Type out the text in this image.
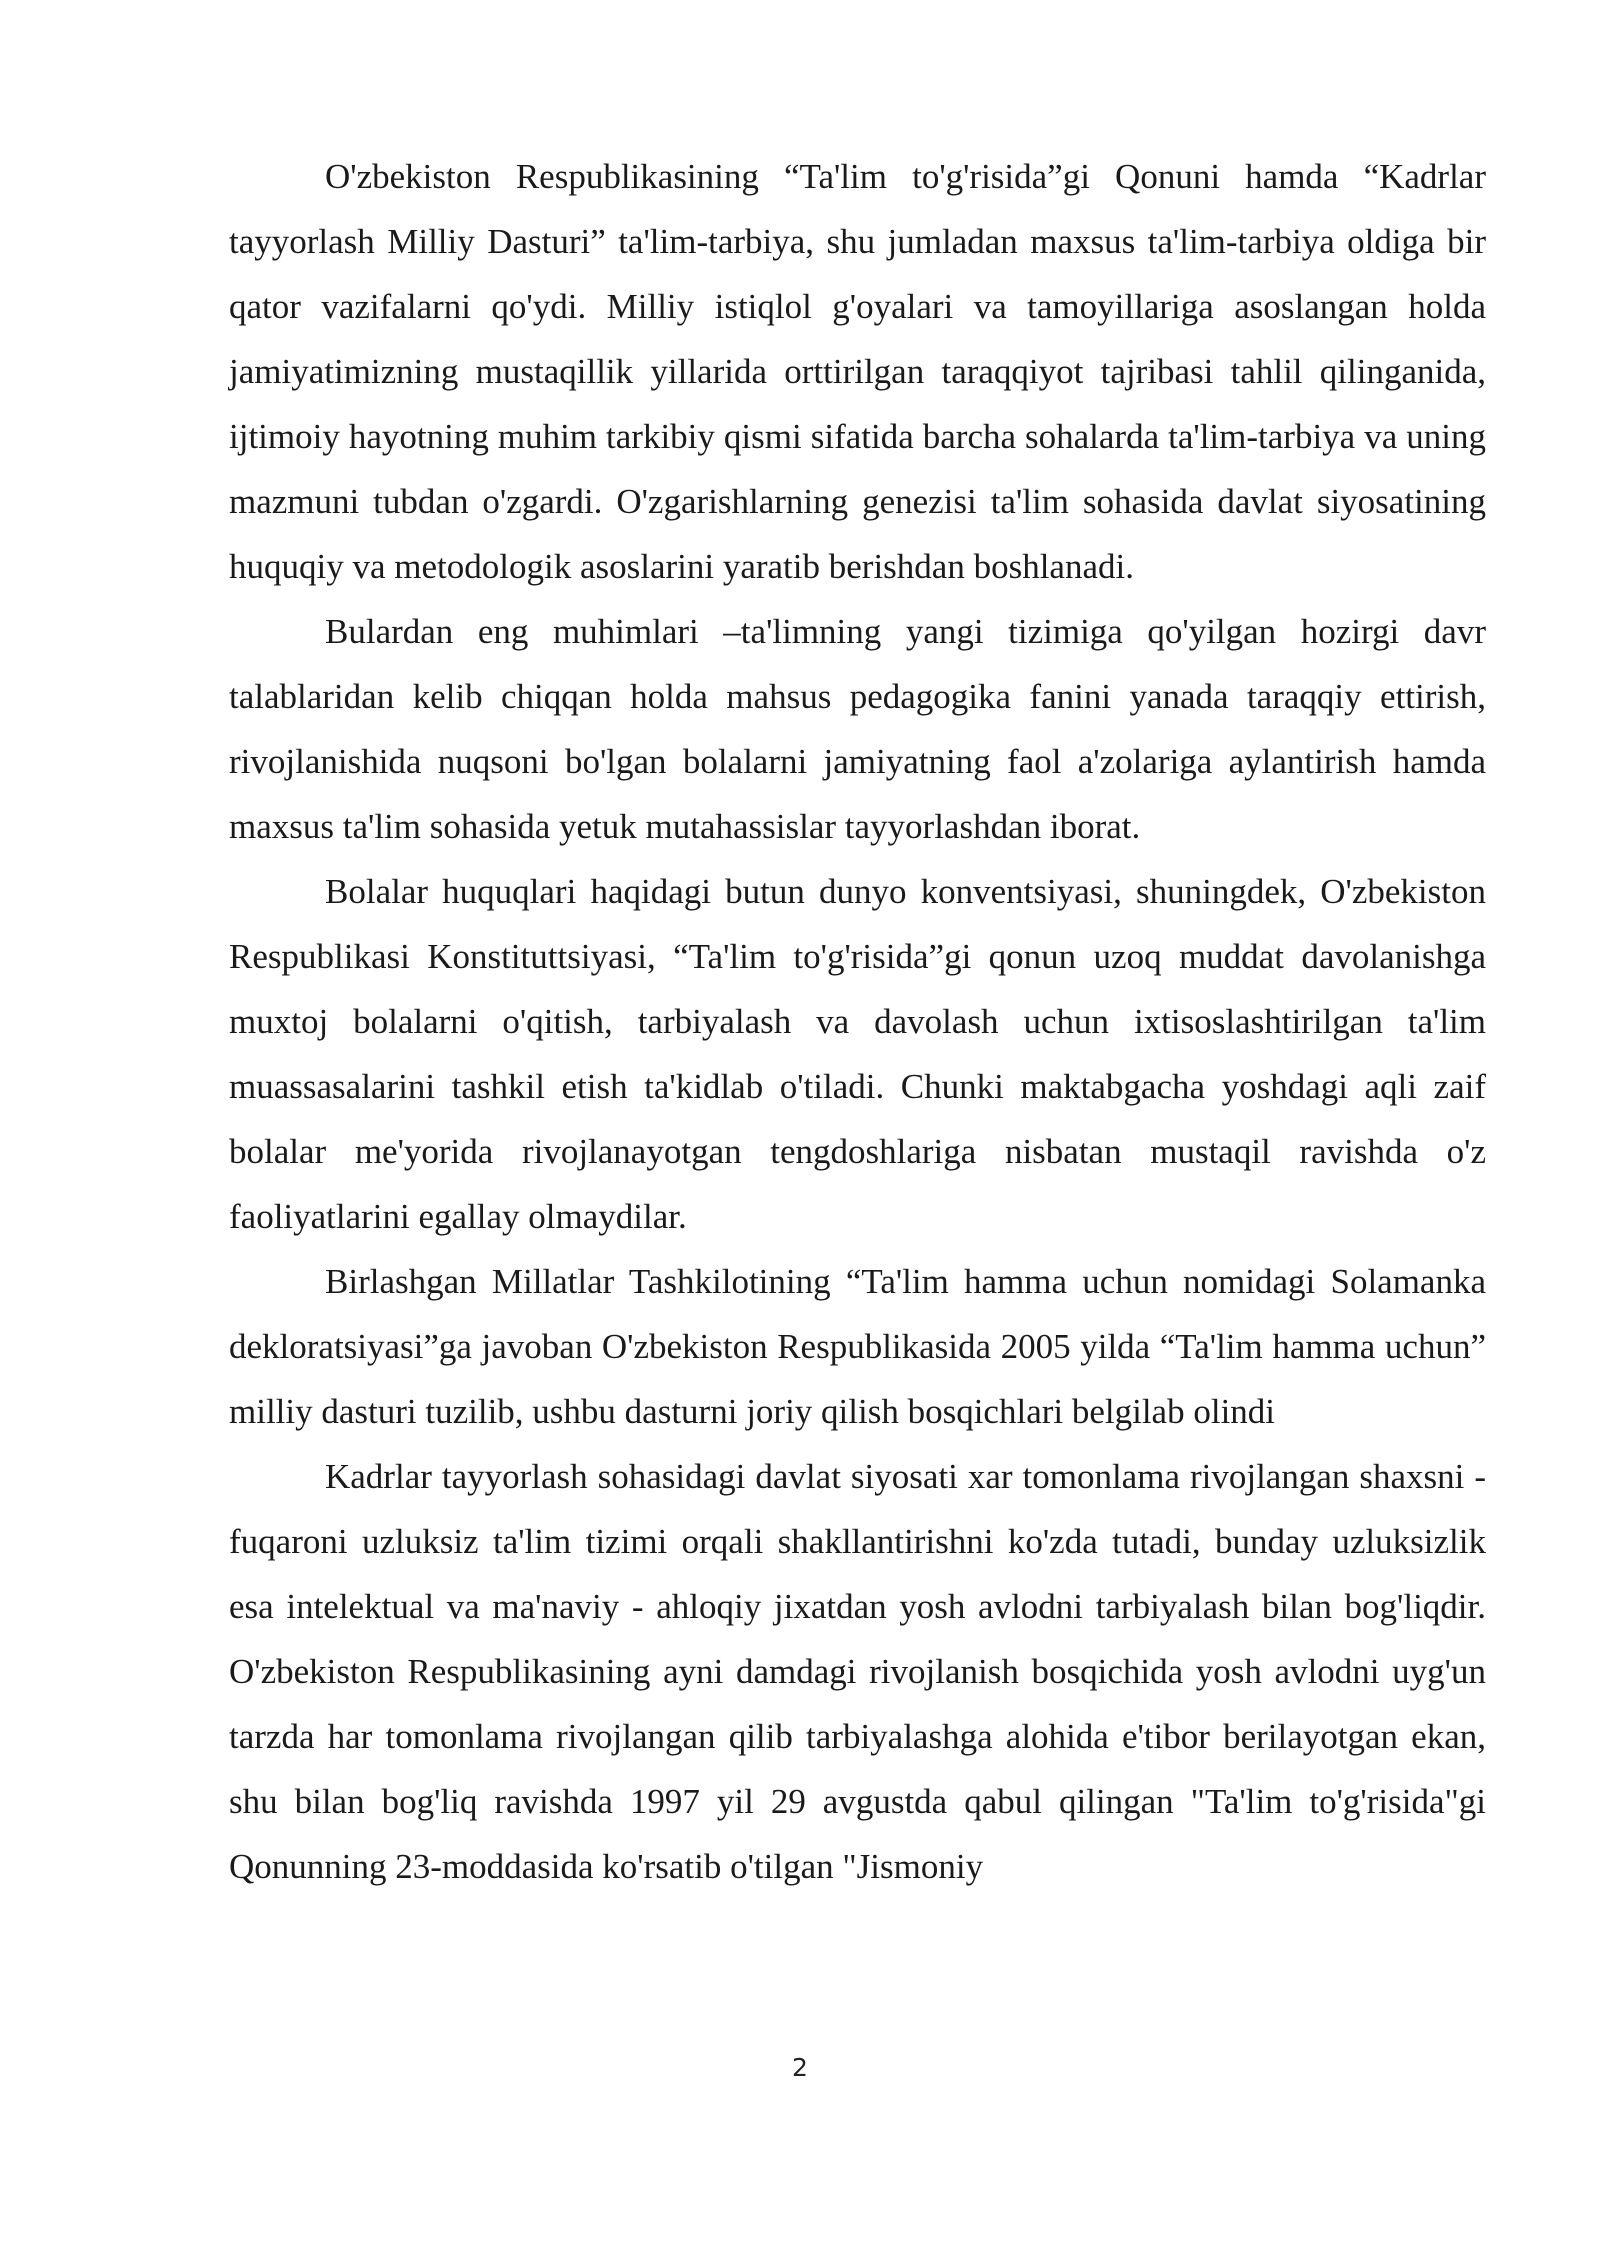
O'zbekiston Respublikasining “Ta'lim to'g'risida”gi Qonuni hamda “Kadrlar tayyorlash Milliy Dasturi” ta'lim-tarbiya, shu jumladan maxsus ta'lim-tarbiya oldiga bir qator vazifalarni qo'ydi. Milliy istiqlol g'oyalari va tamoyillariga asoslangan holda jamiyatimizning mustaqillik yillarida orttirilgan taraqqiyot tajribasi tahlil qilinganida, ijtimoiy hayotning muhim tarkibiy qismi sifatida barcha sohalarda ta'lim-tarbiya va uning mazmuni tubdan o'zgardi. O'zgarishlarning genezisi ta'lim sohasida davlat siyosatining huquqiy va metodologik asoslarini yaratib berishdan boshlanadi.

Bulardan eng muhimlari –ta'limning yangi tizimiga qo'yilgan hozirgi davr talablaridan kelib chiqqan holda mahsus pedagogika fanini yanada taraqqiy ettirish, rivojlanishida nuqsoni bo'lgan bolalarni jamiyatning faol a'zolariga aylantirish hamda maxsus ta'lim sohasida yetuk mutahassislar tayyorlashdan iborat.

Bolalar huquqlari haqidagi butun dunyo konventsiyasi, shuningdek, O'zbekiston Respublikasi Konstituttsiyasi, “Ta'lim to'g'risida”gi qonun uzoq muddat davolanishga muxtoj bolalarni o'qitish, tarbiyalash va davolash uchun ixtisoslashtirilgan ta'lim muassasalarini tashkil etish ta'kidlab o'tiladi. Chunki maktabgacha yoshdagi aqli zaif bolalar me'yorida rivojlanayotgan tengdoshlariga nisbatan mustaqil ravishda o'z faoliyatlarini egallay olmaydilar.

Birlashgan Millatlar Tashkilotining “Ta'lim hamma uchun nomidagi Solamanka dekloratsiyasi”ga javoban O'zbekiston Respublikasida 2005 yilda “Ta'lim hamma uchun” milliy dasturi tuzilib, ushbu dasturni joriy qilish bosqichlari belgilab olindi

Kadrlar tayyorlash sohasidagi davlat siyosati xar tomonlama rivojlangan shaxsni - fuqaroni uzluksiz ta'lim tizimi orqali shakllantirishni ko'zda tutadi, bunday uzluksizlik esa intelektual va ma'naviy - ahloqiy jixatdan yosh avlodni tarbiyalash bilan bog'liqdir. O'zbekiston Respublikasining ayni damdagi rivojlanish bosqichida yosh avlodni uyg'un tarzda har tomonlama rivojlangan qilib tarbiyalashga alohida e'tibor berilayotgan ekan, shu bilan bog'liq ravishda 1997 yil 29 avgustda qabul qilingan "Ta'lim to'g'risida"gi Qonunning 23-moddasida ko'rsatib o'tilgan "Jismoniy

2
